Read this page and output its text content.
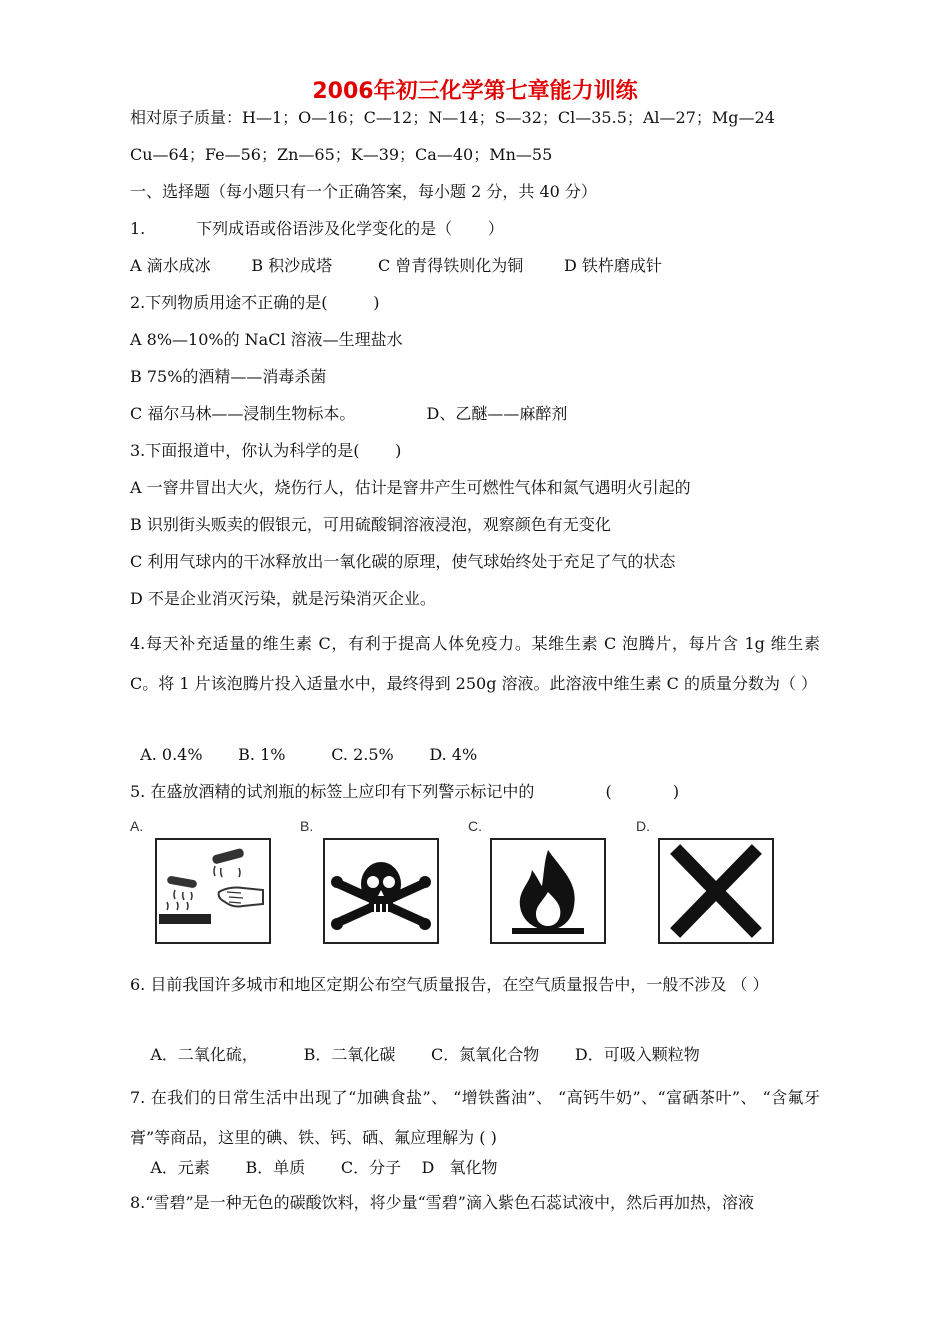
2006年初三化学第七章能力训练
相对原子质量：H—1；O—16；C—12；N—14；S—32；Cl—35.5；Al—27；Mg—24
Cu—64；Fe—56；Zn—65；K—39；Ca—40；Mn—55
一、选择题（每小题只有一个正确答案，每小题 2 分，共 40 分）
1.          下列成语或俗语涉及化学变化的是（       ）
A 滴水成冰        B 积沙成塔         C 曾青得铁则化为铜        D 铁杵磨成针
2.下列物质用途不正确的是(         )
A 8%—10%的 NaCl 溶液—生理盐水
B 75%的酒精——消毒杀菌
C 福尔马林——浸制生物标本。              D、乙醚——麻醉剂
3.下面报道中，你认为科学的是(       )
A 一窨井冒出大火，烧伤行人，估计是窨井产生可燃性气体和氮气遇明火引起的
B 识别街头贩卖的假银元，可用硫酸铜溶液浸泡，观察颜色有无变化
C 利用气球内的干冰释放出一氧化碳的原理，使气球始终处于充足了气的状态
D 不是企业消灭污染，就是污染消灭企业。
4.每天补充适量的维生素 C，有利于提高人体免疫力。某维生素 C 泡腾片，每片含 1g 维生素 C。将 1 片该泡腾片投入适量水中，最终得到 250g 溶液。此溶液中维生素 C 的质量分数为（ ）
A. 0.4%       B. 1%         C. 2.5%       D. 4%
5. 在盛放酒精的试剂瓶的标签上应印有下列警示标记中的              (            )
A.	B.	C.	D.
6. 目前我国许多城市和地区定期公布空气质量报告，在空气质量报告中，一般不涉及 （ ）
A．二氧化硫，         B．二氧化碳       C．氮氧化合物       D．可吸入颗粒物
7. 在我们的日常生活中出现了“加碘食盐”、 “增铁酱油”、 “高钙牛奶”、“富硒茶叶”、 “含氟牙膏”等商品，这里的碘、铁、钙、硒、氟应理解为 ( )
A．元素       B．单质       C．分子    D   氧化物
8.“雪碧”是一种无色的碳酸饮料，将少量“雪碧”滴入紫色石蕊试液中，然后再加热，溶液
